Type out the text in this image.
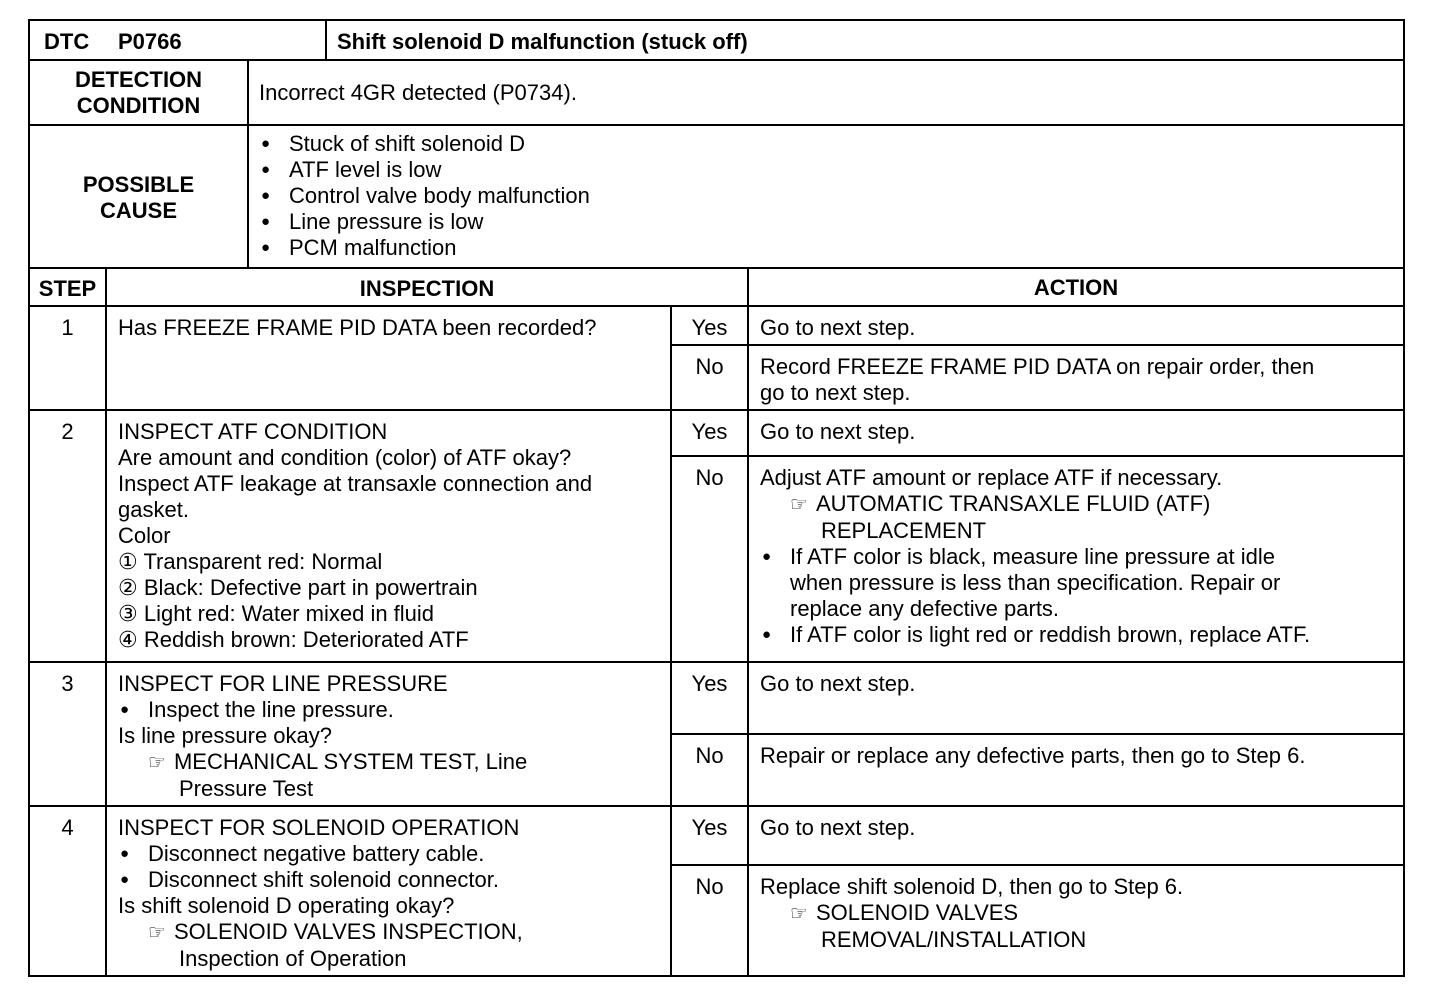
DTC P0766	Shift solenoid D malfunction (stuck off)
DETECTION CONDITION
Incorrect 4GR detected (P0734).
POSSIBLE CAUSE
● Stuck of shift solenoid D
● ATF level is low
● Control valve body malfunction
● Line pressure is low
● PCM malfunction
STEP	INSPECTION	ACTION
1	Has FREEZE FRAME PID DATA been recorded?	Yes	Go to next step.
No	Record FREEZE FRAME PID DATA on repair order, then
go to next step.
2	INSPECT ATF CONDITION
Are amount and condition (color) of ATF okay?
Inspect ATF leakage at transaxle connection and
gasket.
Color
① Transparent red: Normal
② Black: Defective part in powertrain
③ Light red: Water mixed in fluid
④ Reddish brown: Deteriorated ATF
Yes	Go to next step.
No	Adjust ATF amount or replace ATF if necessary.
☞ AUTOMATIC TRANSAXLE FLUID (ATF)
REPLACEMENT
● If ATF color is black, measure line pressure at idle
when pressure is less than specification. Repair or
replace any defective parts.
● If ATF color is light red or reddish brown, replace ATF.
3	INSPECT FOR LINE PRESSURE
● Inspect the line pressure.
Is line pressure okay?
☞ MECHANICAL SYSTEM TEST, Line
Pressure Test
Yes	Go to next step.
No	Repair or replace any defective parts, then go to Step 6.
4	INSPECT FOR SOLENOID OPERATION
● Disconnect negative battery cable.
● Disconnect shift solenoid connector.
Is shift solenoid D operating okay?
☞ SOLENOID VALVES INSPECTION,
Inspection of Operation
Yes	Go to next step.
No	Replace shift solenoid D, then go to Step 6.
☞ SOLENOID VALVES
REMOVAL/INSTALLATION
